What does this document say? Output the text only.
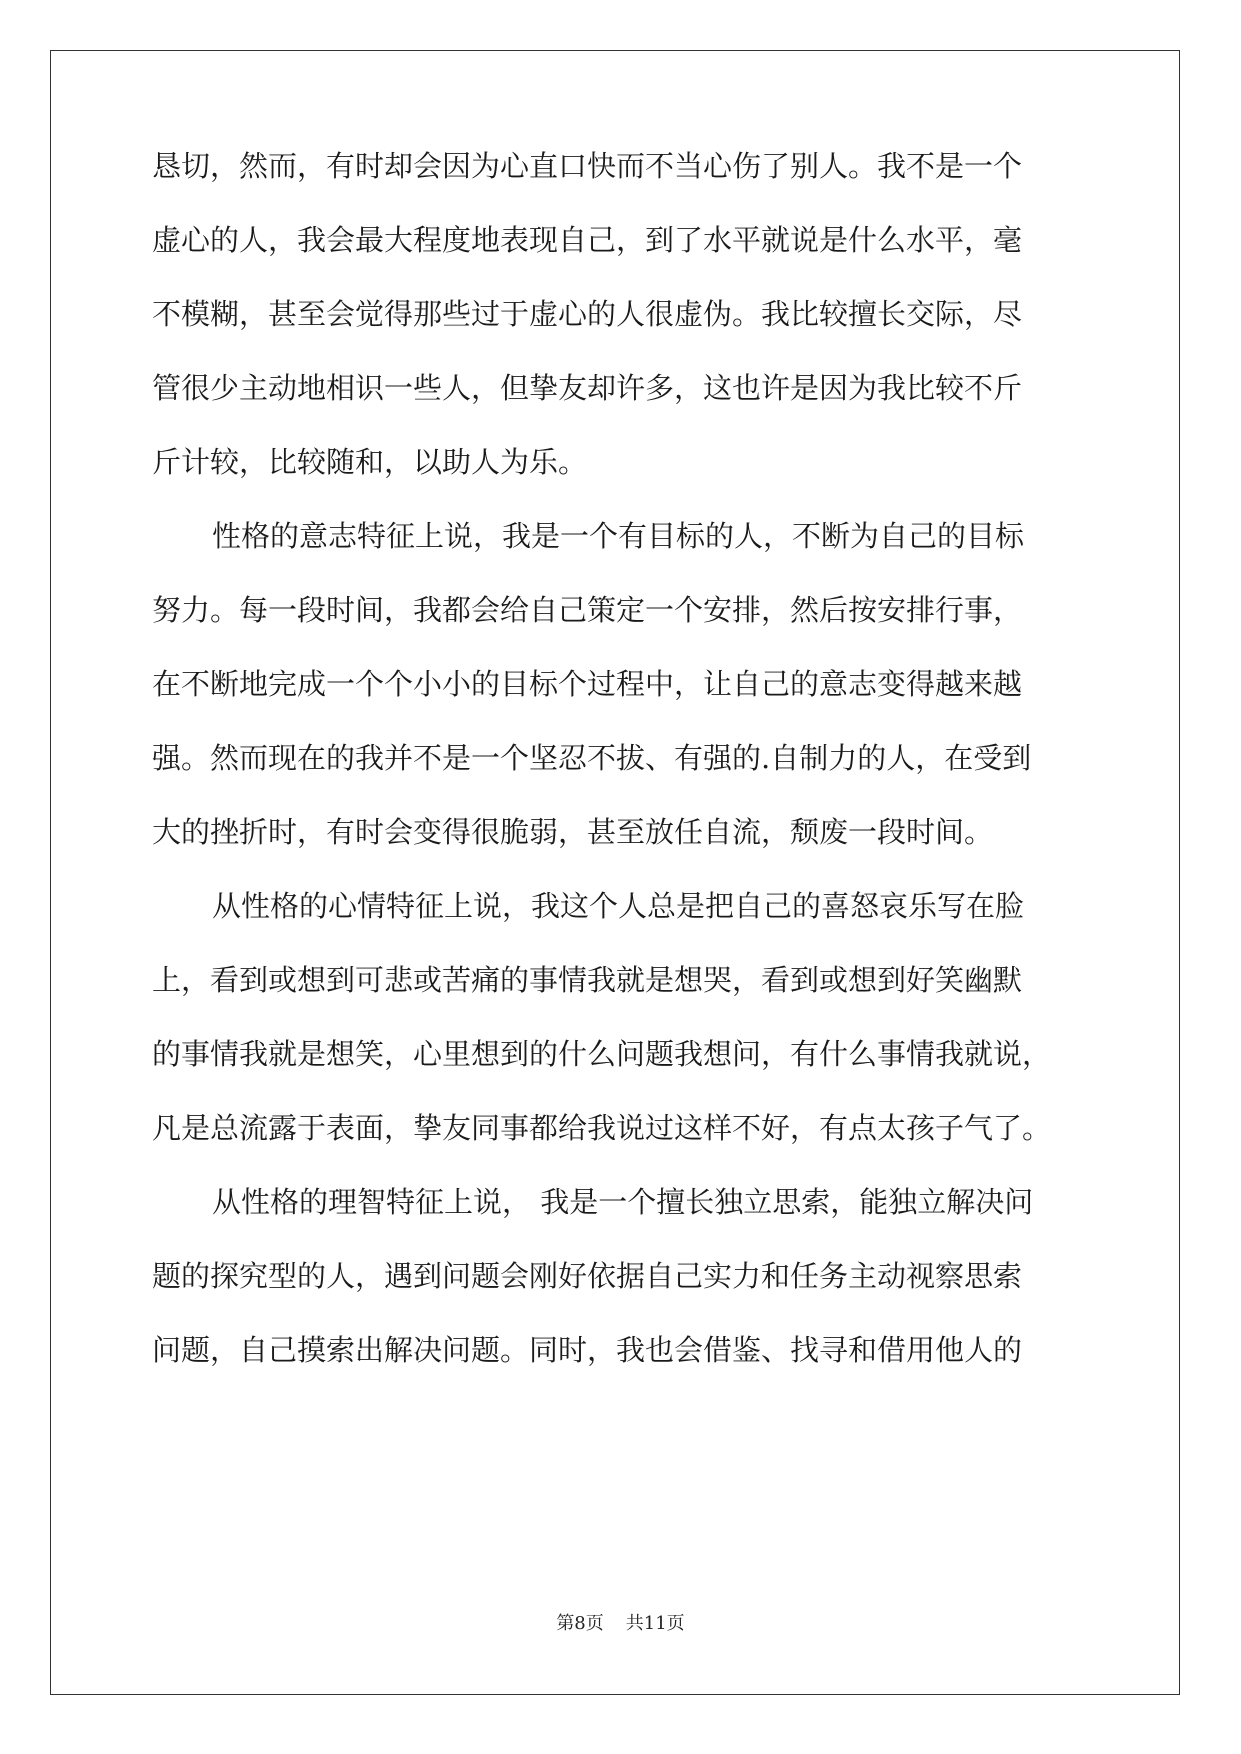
恳切，然而，有时却会因为心直口快而不当心伤了别人。我不是一个
虚心的人，我会最大程度地表现自己，到了水平就说是什么水平，毫
不模糊，甚至会觉得那些过于虚心的人很虚伪。我比较擅长交际，尽
管很少主动地相识一些人，但挚友却许多，这也许是因为我比较不斤
斤计较，比较随和，以助人为乐。
性格的意志特征上说，我是一个有目标的人，不断为自己的目标
努力。每一段时间，我都会给自己策定一个安排，然后按安排行事，
在不断地完成一个个小小的目标个过程中，让自己的意志变得越来越
强。然而现在的我并不是一个坚忍不拔、有强的.自制力的人，在受到
大的挫折时，有时会变得很脆弱，甚至放任自流，颓废一段时间。
从性格的心情特征上说，我这个人总是把自己的喜怒哀乐写在脸
上，看到或想到可悲或苦痛的事情我就是想哭，看到或想到好笑幽默
的事情我就是想笑，心里想到的什么问题我想问，有什么事情我就说，
凡是总流露于表面，挚友同事都给我说过这样不好，有点太孩子气了。
从性格的理智特征上说， 我是一个擅长独立思索，能独立解决问
题的探究型的人，遇到问题会刚好依据自己实力和任务主动视察思索
问题，自己摸索出解决问题。同时，我也会借鉴、找寻和借用他人的
第8页 共11页
